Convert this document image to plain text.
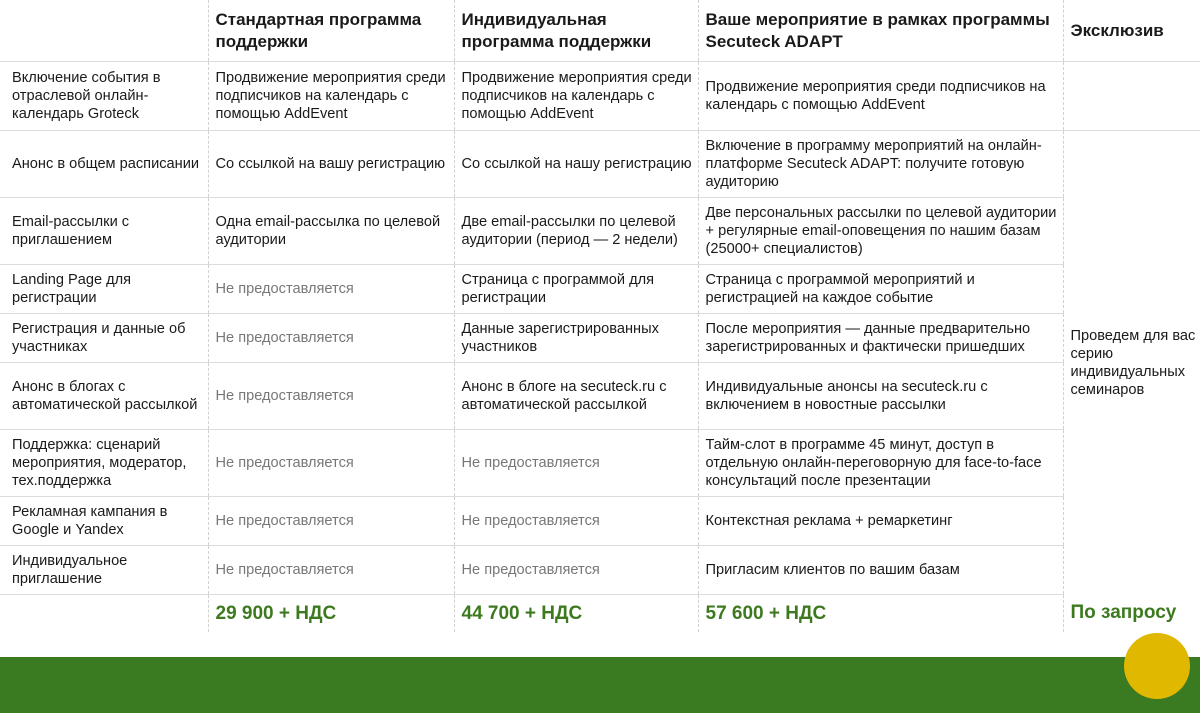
	Стандартная программа поддержки	Индивидуальная программа поддержки	Ваше мероприятие в рамках программы Secuteck ADAPT	Эксклюзив
Включение события в отраслевой онлайн-календарь Groteck	Продвижение мероприятия среди подписчиков на календарь с помощью AddEvent	Продвижение мероприятия среди подписчиков на календарь с помощью AddEvent	Продвижение мероприятия среди подписчиков на календарь с помощью AddEvent	
Анонс в общем расписании	Со ссылкой на вашу регистрацию	Со ссылкой на нашу регистрацию	Включение в программу мероприятий на онлайн-платформе Secuteck ADAPT: получите готовую аудиторию	Проведем для вас серию индивидуальных семинаров
Email-рассылки с приглашением	Одна email-рассылка по целевой аудитории	Две email-рассылки по целевой аудитории (период — 2 недели)	Две персональных рассылки по целевой аудитории + регулярные email-оповещения по нашим базам (25000+ специалистов)	
Landing Page для регистрации	Не предоставляется	Страница с программой для регистрации	Страница с программой мероприятий и регистрацией на каждое событие	
Регистрация и данные об участниках	Не предоставляется	Данные зарегистрированных участников	После мероприятия — данные предварительно зарегистрированных и фактически пришедших	
Анонс в блогах с автоматической рассылкой	Не предоставляется	Анонс в блоге на secuteck.ru с автоматической рассылкой	Индивидуальные анонсы на secuteck.ru с включением в новостные рассылки	
Поддержка: сценарий мероприятия, модератор, тех.поддержка	Не предоставляется	Не предоставляется	Тайм-слот в программе 45 минут, доступ в отдельную онлайн-переговорную для face-to-face консультаций после презентации	
Рекламная кампания в Google и Yandex	Не предоставляется	Не предоставляется	Контекстная реклама + ремаркетинг	
Индивидуальное приглашение	Не предоставляется	Не предоставляется	Пригласим клиентов по вашим базам	
	29 900 + НДС	44 700 + НДС	57 600 + НДС	По запросу
